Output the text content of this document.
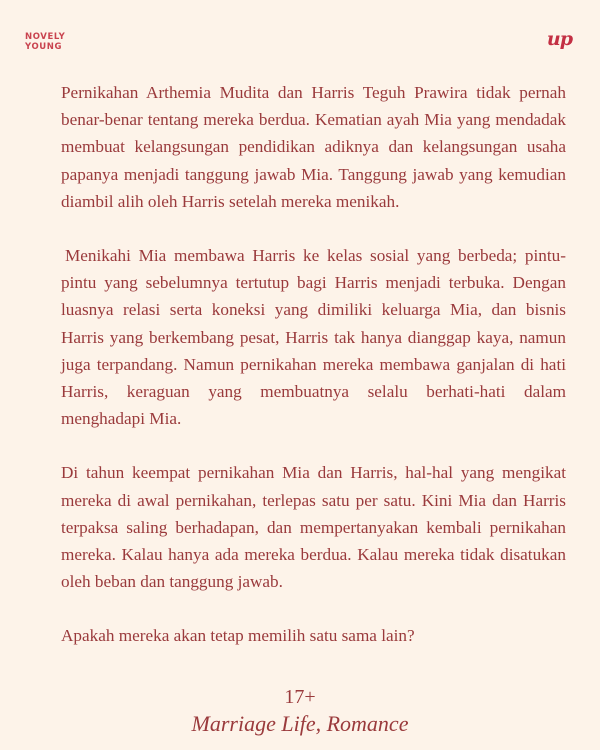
NOVELY
YOUNG	up

Pernikahan Arthemia Mudita dan Harris Teguh Prawira tidak pernah benar-benar tentang mereka berdua. Kematian ayah Mia yang mendadak membuat kelangsungan pendidikan adiknya dan kelangsungan usaha papanya menjadi tanggung jawab Mia. Tanggung jawab yang kemudian diambil alih oleh Harris setelah mereka menikah.

Menikahi Mia membawa Harris ke kelas sosial yang berbeda; pintu-pintu yang sebelumnya tertutup bagi Harris menjadi terbuka. Dengan luasnya relasi serta koneksi yang dimiliki keluarga Mia, dan bisnis Harris yang berkembang pesat, Harris tak hanya dianggap kaya, namun juga terpandang. Namun pernikahan mereka membawa ganjalan di hati Harris, keraguan yang membuatnya selalu berhati-hati dalam menghadapi Mia.

Di tahun keempat pernikahan Mia dan Harris, hal-hal yang mengikat mereka di awal pernikahan, terlepas satu per satu. Kini Mia dan Harris terpaksa saling berhadapan, dan mempertanyakan kembali pernikahan mereka. Kalau hanya ada mereka berdua. Kalau mereka tidak disatukan oleh beban dan tanggung jawab.

Apakah mereka akan tetap memilih satu sama lain?

17+
Marriage Life, Romance
